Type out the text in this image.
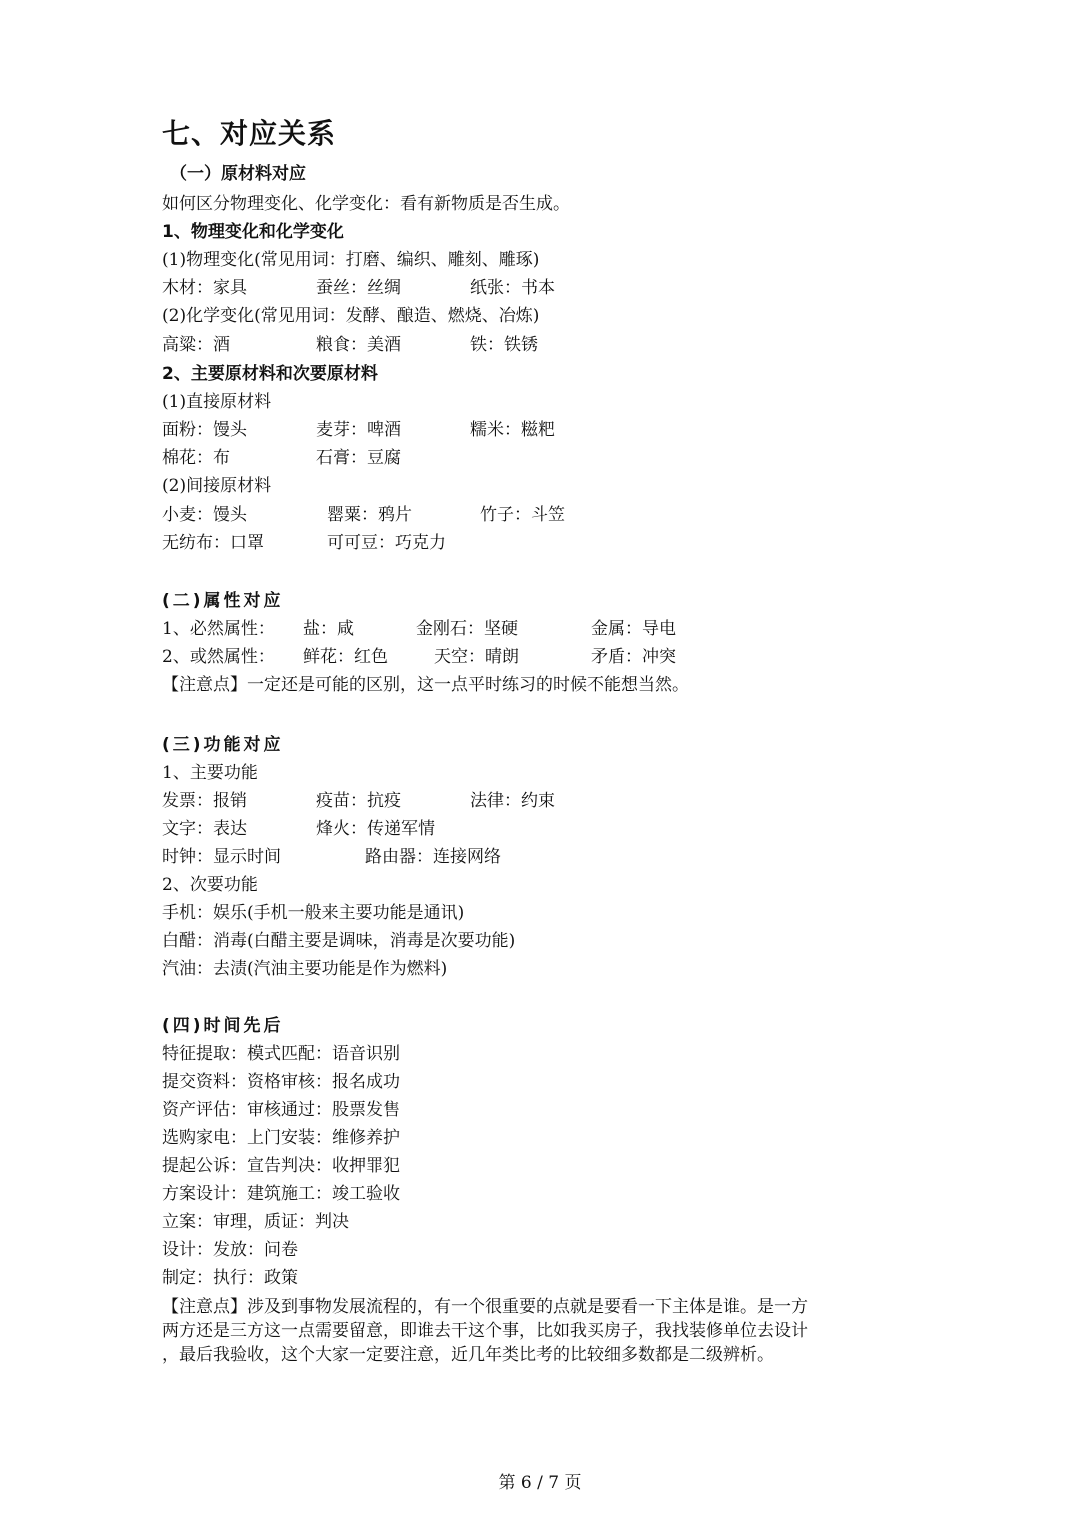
七、对应关系
（一）原材料对应
如何区分物理变化、化学变化：看有新物质是否生成。
1、物理变化和化学变化
(1)物理变化(常见用词：打磨、编织、雕刻、雕琢)
木材：家具	蚕丝：丝绸	纸张：书本
(2)化学变化(常见用词：发酵、酿造、燃烧、冶炼)
高粱：酒	粮食：美酒	铁：铁锈
2、主要原材料和次要原材料
(1)直接原材料
面粉：馒头	麦芽：啤酒	糯米：糍粑
棉花：布	石膏：豆腐
(2)间接原材料
小麦：馒头	罂粟：鸦片	竹子：斗笠
无纺布：口罩	可可豆：巧克力
(二)属性对应
1、必然属性： 盐：咸	金刚石：坚硬	金属：导电
2、或然属性： 鲜花：红色	天空：晴朗	矛盾：冲突
【注意点】一定还是可能的区别，这一点平时练习的时候不能想当然。
(三)功能对应
1、主要功能
发票：报销	疫苗：抗疫	法律：约束
文字：表达	烽火：传递军情
时钟：显示时间	路由器：连接网络
2、次要功能
手机：娱乐(手机一般来主要功能是通讯)
白醋：消毒(白醋主要是调味，消毒是次要功能)
汽油：去渍(汽油主要功能是作为燃料)
(四)时间先后
特征提取：模式匹配：语音识别
提交资料：资格审核：报名成功
资产评估：审核通过：股票发售
选购家电：上门安装：维修养护
提起公诉：宣告判决：收押罪犯
方案设计：建筑施工：竣工验收
立案：审理，质证：判决
设计：发放：问卷
制定：执行：政策
【注意点】涉及到事物发展流程的，有一个很重要的点就是要看一下主体是谁。是一方
两方还是三方这一点需要留意，即谁去干这个事，比如我买房子，我找装修单位去设计
，最后我验收，这个大家一定要注意，近几年类比考的比较细多数都是二级辨析。
第 6 / 7 页
